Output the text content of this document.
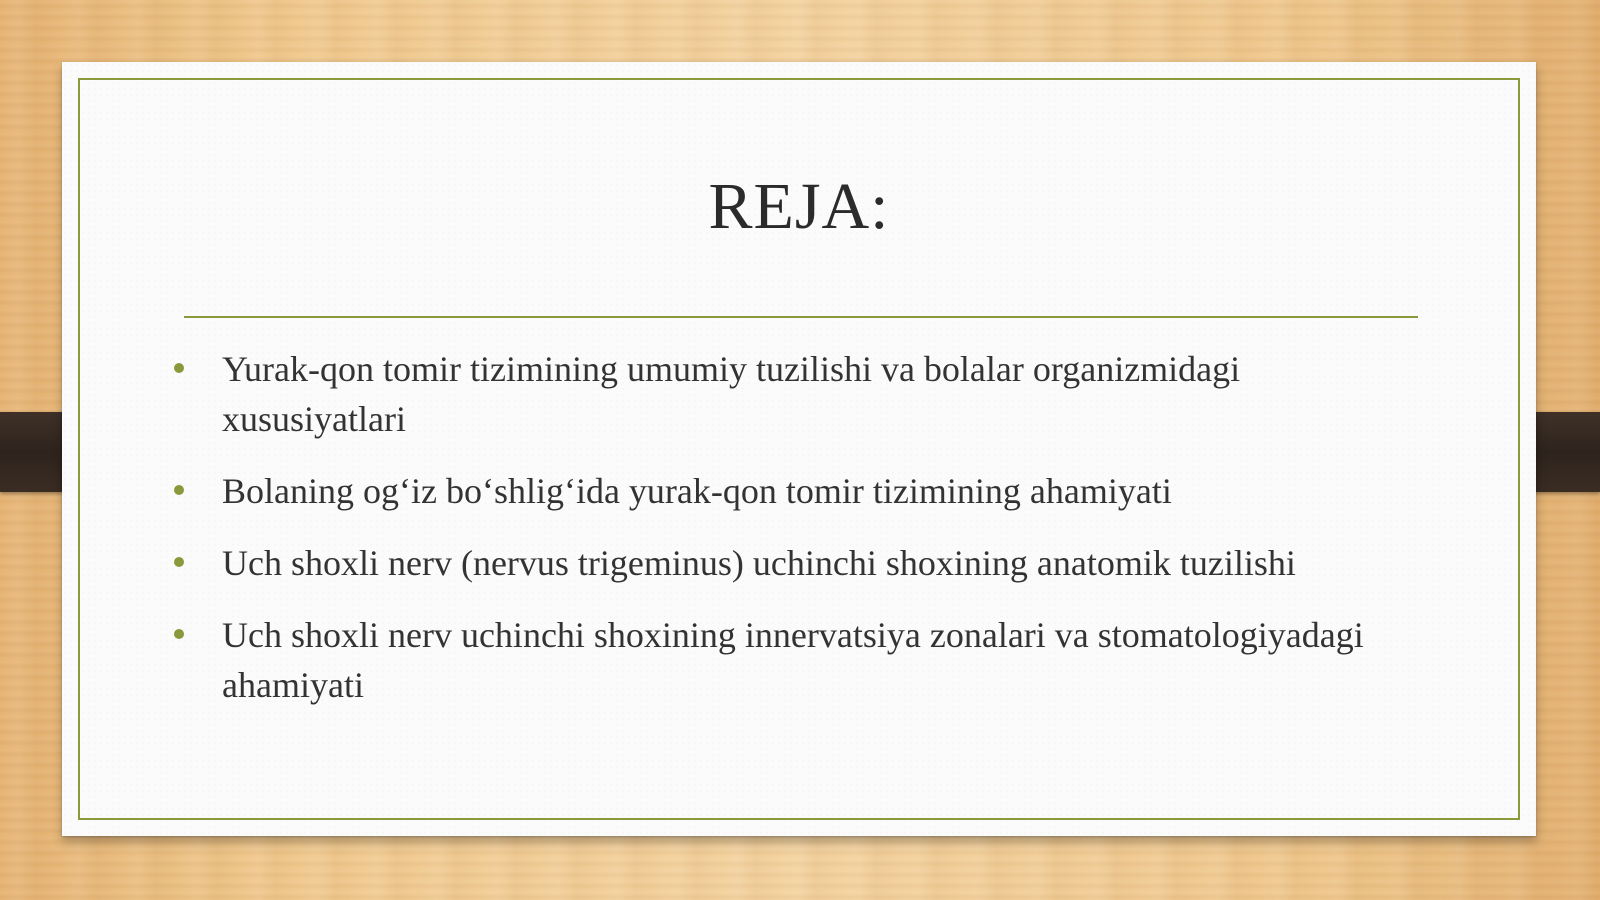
REJA:
Yurak-qon tomir tizimining umumiy tuzilishi va bolalar organizmidagi xususiyatlari
Bolaning og‘iz bo‘shlig‘ida yurak-qon tomir tizimining ahamiyati
Uch shoxli nerv (nervus trigeminus) uchinchi shoxining anatomik tuzilishi
Uch shoxli nerv uchinchi shoxining innervatsiya zonalari va stomatologiyadagi ahamiyati
